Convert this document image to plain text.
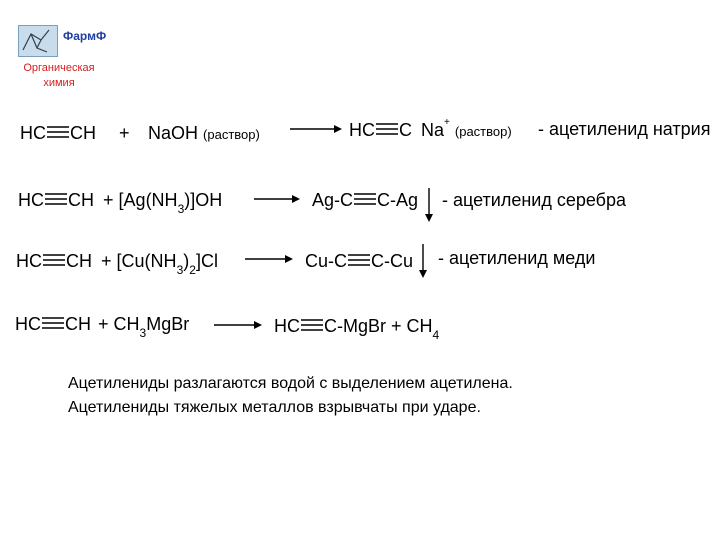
ФармФ
Органическая
химия
HC CH + NaOH (раствор)	HC C Na+ (раствор) - ацетиленид натрия
HC CH + $[Ag(NH_3)]OH$	Ag-C C-Ag - ацетиленид серебра
HC CH + $[Cu(NH_3)_2]Cl$	Cu-C C-Cu - ацетиленид меди
HC CH + $CH_3MgBr$	HC C-MgBr + $CH_4$
Ацетилениды разлагаются водой с выделением ацетилена.
Ацетилениды тяжелых металлов взрывчаты при ударе.
